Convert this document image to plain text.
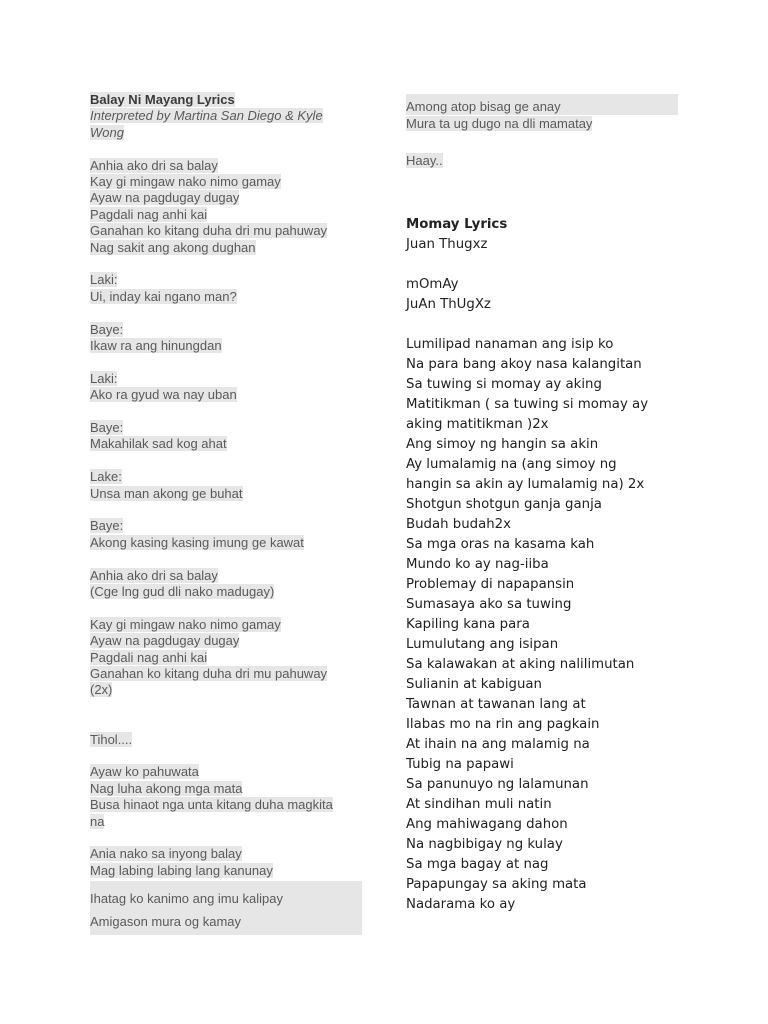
Balay Ni Mayang Lyrics
Interpreted by Martina San Diego & Kyle
Wong
Anhia ako dri sa balay
Kay gi mingaw nako nimo gamay
Ayaw na pagdugay dugay
Pagdali nag anhi kai
Ganahan ko kitang duha dri mu pahuway
Nag sakit ang akong dughan
Laki:
Ui, inday kai ngano man?
Baye:
Ikaw ra ang hinungdan
Laki:
Ako ra gyud wa nay uban
Baye:
Makahilak sad kog ahat
Lake:
Unsa man akong ge buhat
Baye:
Akong kasing kasing imung ge kawat
Anhia ako dri sa balay
(Cge lng gud dli nako madugay)
Kay gi mingaw nako nimo gamay
Ayaw na pagdugay dugay
Pagdali nag anhi kai
Ganahan ko kitang duha dri mu pahuway
(2x)
Tihol....
Ayaw ko pahuwata
Nag luha akong mga mata
Busa hinaot nga unta kitang duha magkita
na
Ania nako sa inyong balay
Mag labing labing lang kanunay
Ihatag ko kanimo ang imu kalipay
Amigason mura og kamay
Among atop bisag ge anay
Mura ta ug dugo na dli mamatay
Haay..
Momay Lyrics
Juan Thugxz
mOmAy
JuAn ThUgXz
Lumilipad nanaman ang isip ko
Na para bang akoy nasa kalangitan
Sa tuwing si momay ay aking
Matitikman ( sa tuwing si momay ay
aking matitikman )2x
Ang simoy ng hangin sa akin
Ay lumalamig na (ang simoy ng
hangin sa akin ay lumalamig na) 2x
Shotgun shotgun ganja ganja
Budah budah2x
Sa mga oras na kasama kah
Mundo ko ay nag-iiba
Problemay di napapansin
Sumasaya ako sa tuwing
Kapiling kana para
Lumulutang ang isipan
Sa kalawakan at aking nalilimutan
Sulianin at kabiguan
Tawnan at tawanan lang at
Ilabas mo na rin ang pagkain
At ihain na ang malamig na
Tubig na papawi
Sa panunuyo ng lalamunan
At sindihan muli natin
Ang mahiwagang dahon
Na nagbibigay ng kulay
Sa mga bagay at nag
Papapungay sa aking mata
Nadarama ko ay
